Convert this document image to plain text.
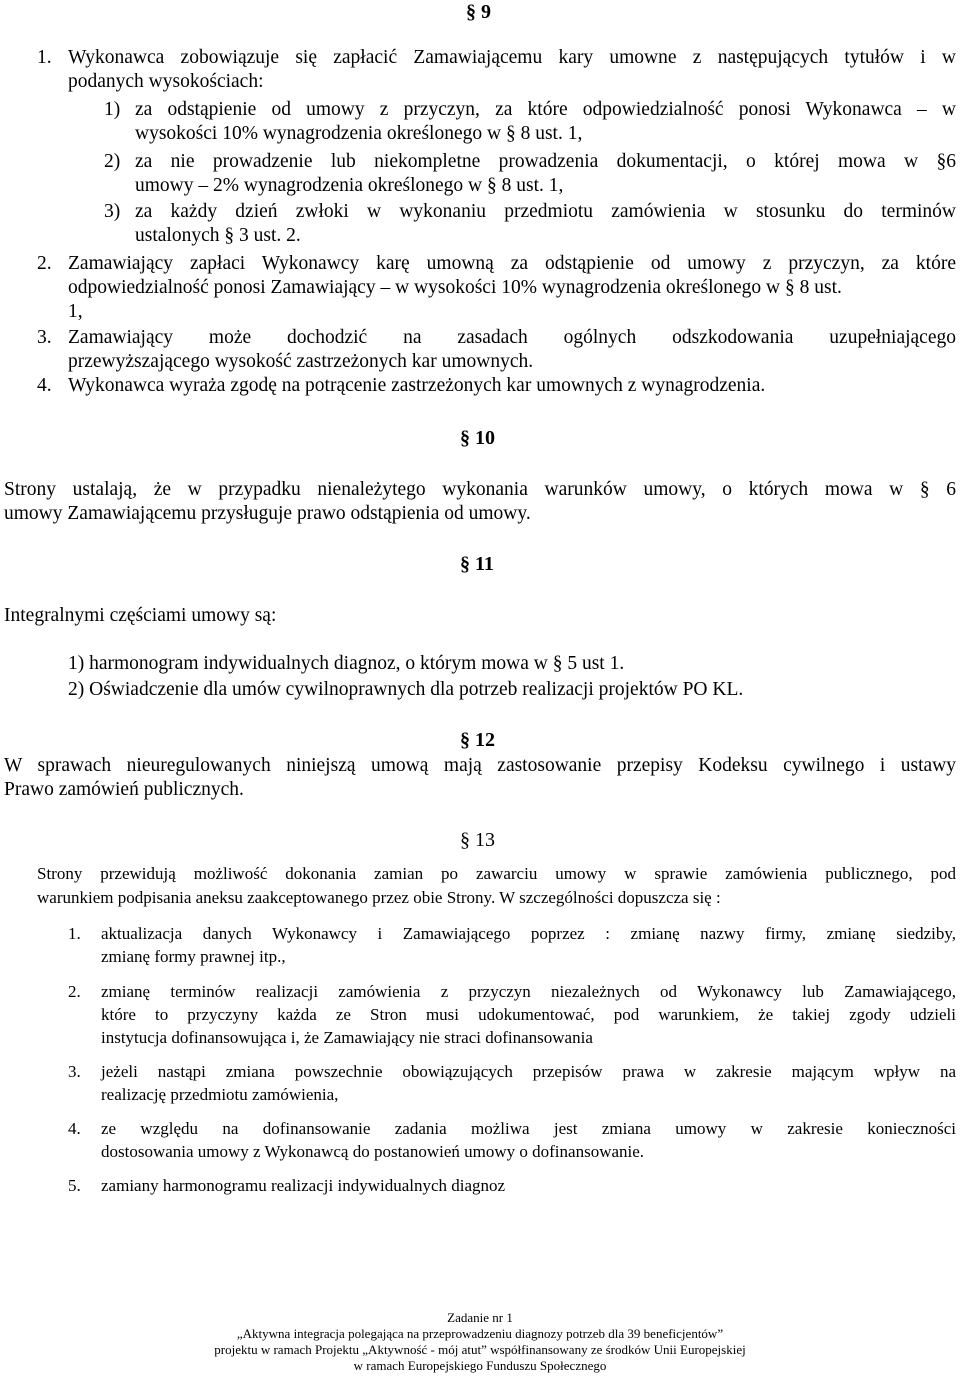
§ 9
1. Wykonawca zobowiązuje się zapłacić Zamawiającemu kary umowne z następujących tytułów i w
podanych wysokościach:
1) za odstąpienie od umowy z przyczyn, za które odpowiedzialność ponosi Wykonawca – w
wysokości 10% wynagrodzenia określonego w § 8 ust. 1,
2) za nie prowadzenie lub niekompletne prowadzenia dokumentacji, o której mowa w §6
umowy – 2% wynagrodzenia określonego w § 8 ust. 1,
3) za każdy dzień zwłoki w wykonaniu przedmiotu zamówienia w stosunku do terminów
ustalonych § 3 ust. 2.
2. Zamawiający zapłaci Wykonawcy karę umowną za odstąpienie od umowy z przyczyn, za które
odpowiedzialność ponosi Zamawiający – w wysokości 10% wynagrodzenia określonego w § 8 ust.
1,
3. Zamawiający może dochodzić na zasadach ogólnych odszkodowania uzupełniającego
przewyższającego wysokość zastrzeżonych kar umownych.
4. Wykonawca wyraża zgodę na potrącenie zastrzeżonych kar umownych z wynagrodzenia.
§ 10
Strony ustalają, że w przypadku nienależytego wykonania warunków umowy, o których mowa w § 6
umowy Zamawiającemu przysługuje prawo odstąpienia od umowy.
§ 11
Integralnymi częściami umowy są:
1) harmonogram indywidualnych diagnoz, o którym mowa w § 5 ust 1.
2) Oświadczenie dla umów cywilnoprawnych dla potrzeb realizacji projektów PO KL.
§ 12
W sprawach nieuregulowanych niniejszą umową mają zastosowanie przepisy Kodeksu cywilnego i ustawy
Prawo zamówień publicznych.
§ 13
Strony przewidują możliwość dokonania zamian po zawarciu umowy w sprawie zamówienia publicznego, pod
warunkiem podpisania aneksu zaakceptowanego przez obie Strony. W szczególności dopuszcza się :
1. aktualizacja danych Wykonawcy i Zamawiającego poprzez : zmianę nazwy firmy, zmianę siedziby,
zmianę formy prawnej itp.,
2. zmianę terminów realizacji zamówienia z przyczyn niezależnych od Wykonawcy lub Zamawiającego,
które to przyczyny każda ze Stron musi udokumentować, pod warunkiem, że takiej zgody udzieli
instytucja dofinansowująca i, że Zamawiający nie straci dofinansowania
3. jeżeli nastąpi zmiana powszechnie obowiązujących przepisów prawa w zakresie mającym wpływ na
realizację przedmiotu zamówienia,
4. ze względu na dofinansowanie zadania możliwa jest zmiana umowy w zakresie konieczności
dostosowania umowy z Wykonawcą do postanowień umowy o dofinansowanie.
5. zamiany harmonogramu realizacji indywidualnych diagnoz
Zadanie nr 1
„Aktywna integracja polegająca na przeprowadzeniu diagnozy potrzeb dla 39 beneficjentów”
projektu w ramach Projektu „Aktywność - mój atut” współfinansowany ze środków Unii Europejskiej
w ramach Europejskiego Funduszu Społecznego
